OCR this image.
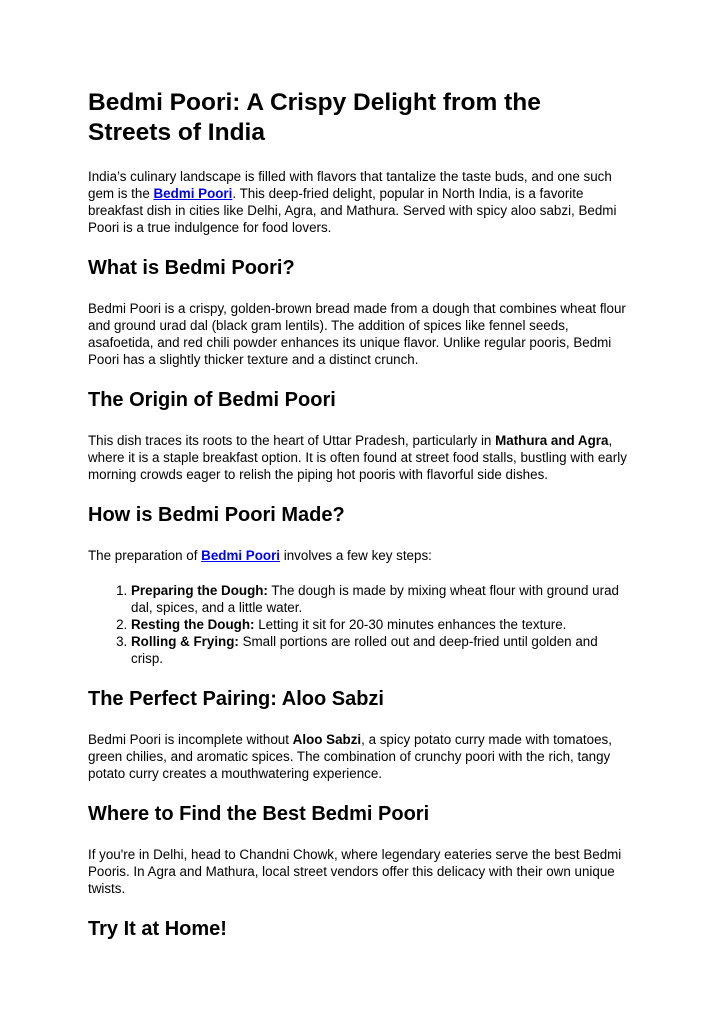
Bedmi Poori: A Crispy Delight from the Streets of India

India’s culinary landscape is filled with flavors that tantalize the taste buds, and one such gem is the Bedmi Poori. This deep-fried delight, popular in North India, is a favorite breakfast dish in cities like Delhi, Agra, and Mathura. Served with spicy aloo sabzi, Bedmi Poori is a true indulgence for food lovers.

What is Bedmi Poori?

Bedmi Poori is a crispy, golden-brown bread made from a dough that combines wheat flour and ground urad dal (black gram lentils). The addition of spices like fennel seeds, asafoetida, and red chili powder enhances its unique flavor. Unlike regular pooris, Bedmi Poori has a slightly thicker texture and a distinct crunch.

The Origin of Bedmi Poori

This dish traces its roots to the heart of Uttar Pradesh, particularly in Mathura and Agra, where it is a staple breakfast option. It is often found at street food stalls, bustling with early morning crowds eager to relish the piping hot pooris with flavorful side dishes.

How is Bedmi Poori Made?

The preparation of Bedmi Poori involves a few key steps:

1. Preparing the Dough: The dough is made by mixing wheat flour with ground urad dal, spices, and a little water.
2. Resting the Dough: Letting it sit for 20-30 minutes enhances the texture.
3. Rolling & Frying: Small portions are rolled out and deep-fried until golden and crisp.
The Perfect Pairing: Aloo Sabzi

Bedmi Poori is incomplete without Aloo Sabzi, a spicy potato curry made with tomatoes, green chilies, and aromatic spices. The combination of crunchy poori with the rich, tangy potato curry creates a mouthwatering experience.

Where to Find the Best Bedmi Poori

If you're in Delhi, head to Chandni Chowk, where legendary eateries serve the best Bedmi Pooris. In Agra and Mathura, local street vendors offer this delicacy with their own unique twists.

Try It at Home!
